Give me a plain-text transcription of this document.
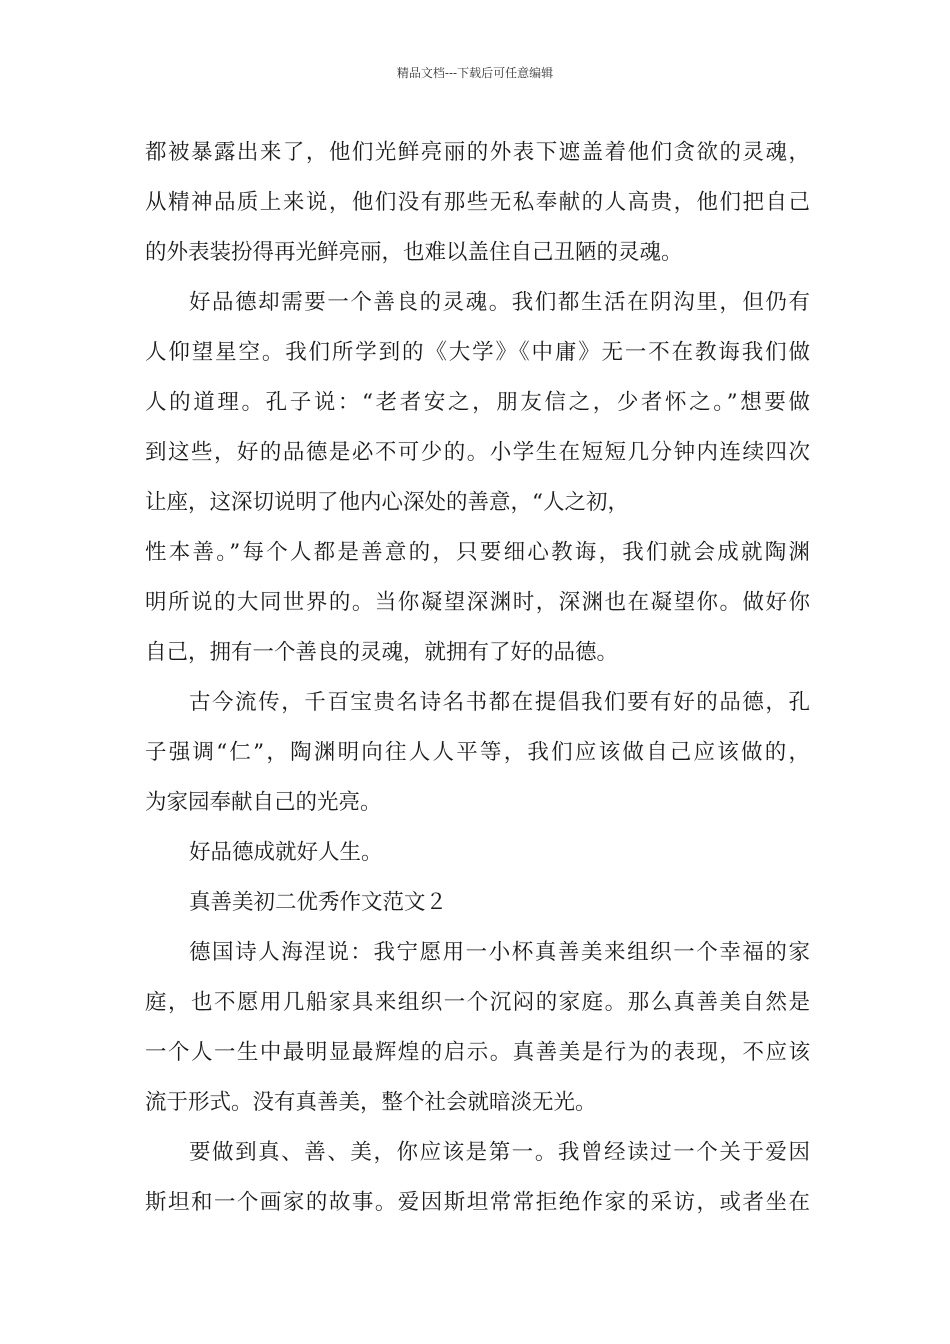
精品文档---下载后可任意编辑
都被暴露出来了，他们光鲜亮丽的外表下遮盖着他们贪欲的灵魂，
从精神品质上来说，他们没有那些无私奉献的人高贵，他们把自己
的外表装扮得再光鲜亮丽，也难以盖住自己丑陋的灵魂。
好品德却需要一个善良的灵魂。我们都生活在阴沟里，但仍有
人仰望星空。我们所学到的《大学》《中庸》无一不在教诲我们做
人的道理。孔子说：“老者安之，朋友信之，少者怀之。”想要做
到这些，好的品德是必不可少的。小学生在短短几分钟内连续四次
让座，这深切说明了他内心深处的善意，“人之初，
性本善。”每个人都是善意的，只要细心教诲，我们就会成就陶渊
明所说的大同世界的。当你凝望深渊时，深渊也在凝望你。做好你
自己，拥有一个善良的灵魂，就拥有了好的品德。
古今流传，千百宝贵名诗名书都在提倡我们要有好的品德，孔
子强调“仁”，陶渊明向往人人平等，我们应该做自己应该做的，
为家园奉献自己的光亮。
好品德成就好人生。
真善美初二优秀作文范文２
德国诗人海涅说：我宁愿用一小杯真善美来组织一个幸福的家
庭，也不愿用几船家具来组织一个沉闷的家庭。那么真善美自然是
一个人一生中最明显最辉煌的启示。真善美是行为的表现，不应该
流于形式。没有真善美，整个社会就暗淡无光。
要做到真、善、美，你应该是第一。我曾经读过一个关于爱因
斯坦和一个画家的故事。爱因斯坦常常拒绝作家的采访，或者坐在
